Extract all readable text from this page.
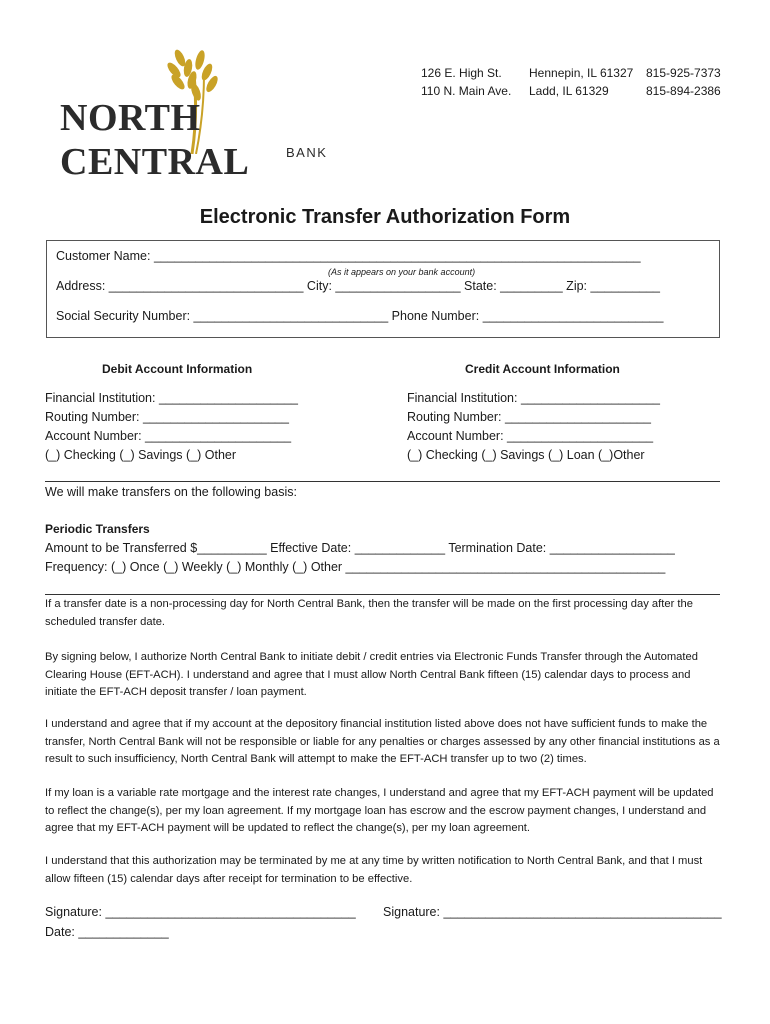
NORTH CENTRAL	BANK
126 E. High St. Hennepin, IL 61327 815-925-7373
110 N. Main Ave. Ladd, IL 61329	815-894-2386
Electronic Transfer Authorization Form
Customer Name: ______________________________________________________________________
(As it appears on your bank account)
Address: ____________________________ City: __________________ State: _________ Zip: __________
Social Security Number: ____________________________ Phone Number: __________________________
Debit Account Information
Financial Institution: ____________________
Routing Number: _____________________
Account Number: _____________________
(_) Checking (_) Savings (_) Other
Credit Account Information
Financial Institution: ____________________
Routing Number: _____________________
Account Number: _____________________
(_) Checking (_) Savings (_) Loan (_)Other
We will make transfers on the following basis:
Periodic Transfers
Amount to be Transferred $__________ Effective Date: _____________ Termination Date: __________________
Frequency: (_) Once (_) Weekly (_) Monthly (_) Other ______________________________________________
If a transfer date is a non-processing day for North Central Bank, then the transfer will be made on the first processing day after the scheduled transfer date.
By signing below, I authorize North Central Bank to initiate debit / credit entries via Electronic Funds Transfer through the Automated Clearing House (EFT-ACH). I understand and agree that I must allow North Central Bank fifteen (15) calendar days to process and initiate the EFT-ACH deposit transfer / loan payment.
I understand and agree that if my account at the depository financial institution listed above does not have sufficient funds to make the transfer, North Central Bank will not be responsible or liable for any penalties or charges assessed by any other financial institutions as a result to such insufficiency, North Central Bank will attempt to make the EFT-ACH transfer up to two (2) times.
If my loan is a variable rate mortgage and the interest rate changes, I understand and agree that my EFT-ACH payment will be updated to reflect the change(s), per my loan agreement. If my mortgage loan has escrow and the escrow payment changes, I understand and agree that my EFT-ACH payment will be updated to reflect the change(s), per my loan agreement.
I understand that this authorization may be terminated by me at any time by written notification to North Central Bank, and that I must allow fifteen (15) calendar days after receipt for termination to be effective.
Signature: ____________________________________ Signature: ________________________________________
Date: _____________
